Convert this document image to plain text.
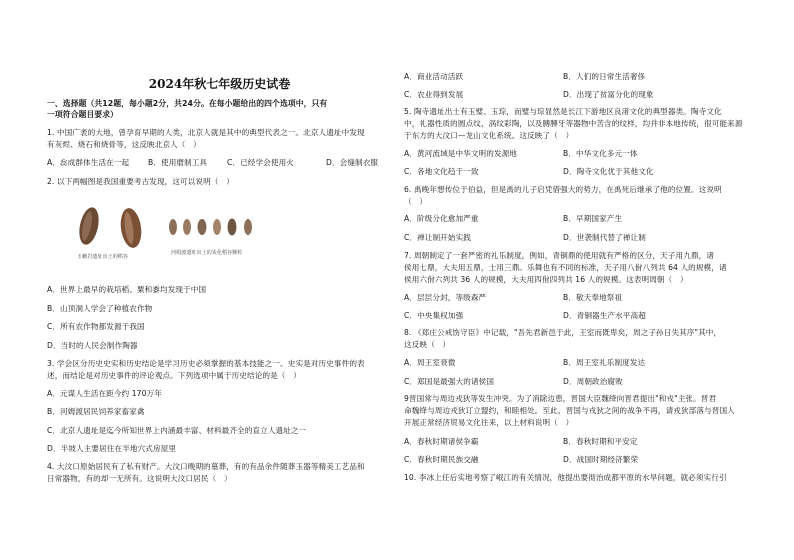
2024年秋七年级历史试卷
一、选择题（共12题，每小题2分，共24分。在每小题给出的四个选项中，只有
一项符合题目要求）
1. 中国广袤的大地，曾孕育早期的人类，北京人就是其中的典型代表之一。北京人遗址中发现
有灰烬、烧石和烧骨等，这反映北京人（　）
A．惢成群体生活在一起 B．使用磨制工具	C．已经学会使用火	D．会缝制衣服
2. 以下两幅图是我国重要考古发现，这可以说明（　）
玉蟾岩遗址出土的稻谷
河姆渡遗址出土的炭化稻谷颗粒
A．世界上最早的栽培稻、粟和黍均发现于中国
B．山顶洞人学会了种植农作物
C．所有农作物都发源于我国
D．当时的人民会制作陶器
3. 学会区分历史史实和历史结论是学习历史必须掌握的基本技能之一。史实是对历史事件的表
述，而结论是对历史事件的评论观点。下列选项中属于历史结论的是（　）
A．元谋人生活在距今约 170万年
B．河姆渡居民饲养家畜家禽
C．北京人遗址是迄今所知世界上内涵最丰富、材料最齐全的直立人遗址之一
D．半坡人主要居住在半地穴式房屋里
4. 大汶口原始居民有了私有财产。大汶口晚期的墓葬，有的有品余件随葬玉器等精美工艺品和
日常器物，有的却一无所有。这说明大汶口居民（　）
A．商业活动活跃	B．人们的日常生活奢侈
C．农业得到发展	D．出现了贫富分化的现象
5. 陶寺遗址出土有玉璧、玉琮，而璧与琮显然是长江下游地区良渚文化的典型器类。陶寺文化
中，礼器性质的圆点纹、涡纹彩陶，以及膊膊牙等器物中苦含的纹样，均并非本地传统，很可能来源
于东方的大汶口—龙山文化系统。这反映了（　）
A．黄河流域是中华文明的发源地	B．中华文化多元一体
C．各地文化趋于一致	D．陶寺文化优于其他文化
6. 禹晚年想传位于伯益，但是禹的儿子启凭借强大的势力，在禹死后继承了他的位置。这说明
（　）
A．阶级分化愈加严重	B．早期国家产生
C．禅让制开始实践	D．世袭制代替了禅让制
7. 周朝制定了一套严密的礼乐制度，例如，青铜鼎的使用就有严格的区分，天子用九鼎，诸
侯用七鼎，大夫用五鼎，士用三鼎。乐舞也有不同的标准，天子用八佾八列共 64 人的规模，诸
侯用六佾六列共 36 人的规模，大夫用四佾四列共 16 人的规模。这表明周朝（　）
A．层层分封，等级森严	B．敬天奉地祭祖
C．中央集权加强	D．青铜器生产水平高超
8. 《郑庄公戒饬守臣》中记载，"吾先君新邑于此，王室而既卑矣，周之子孙日失其序"其中，
这反映（　）
A．周王室衰微	B．周王室礼乐制度发达
C．郑国是最强大的诸侯国	D．周朝政治腐败
9晋国常与周边戎狄等发生冲突。为了消除边患，晋国大臣魏绛向晋君提出"和戎"主张。晋君
命魏绛与周边戎狄订立盟约，和睦相处。至此，晋国与戎狄之间的战争不再，请戎狄部落与晋国人
开展正常经济贸易文化往来，以上材料说明（　）
A．春秋时期诸侯争霸	B．春秋时期和平安定
C．春秋时期民族交融	D．战国时期经济繁荣
10. 李冰上任后实地考察了岷江的有关情况，他提出要彻治成都平原的水旱问题，就必须实行引
